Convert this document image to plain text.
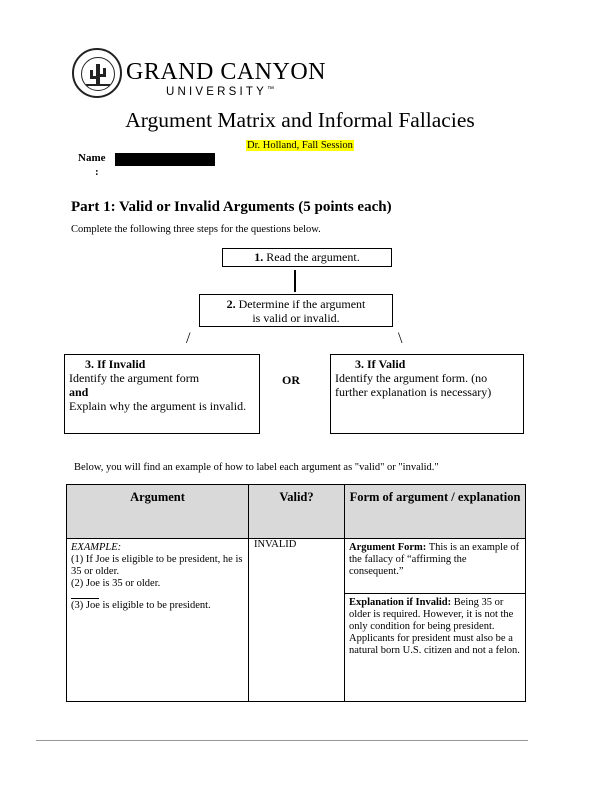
GRAND CANYON
UNIVERSITY™
Argument Matrix and Informal Fallacies
Dr. Holland, Fall Session
Name
:
Part 1: Valid or Invalid Arguments (5 points each)
Complete the following three steps for the questions below.
1. Read the argument.
2. Determine if the argument
is valid or invalid.
/	\
3. If Invalid
Identify the argument form
and
Explain why the argument is invalid.
OR
3. If Valid
Identify the argument form. (no further explanation is necessary)
Below, you will find an example of how to label each argument as "valid" or "invalid."
Argument	Valid?	Form of argument / explanation

EXAMPLE:
(1) If Joe is eligible to be president, he is 35 or older.
(2) Joe is 35 or older.
(3) Joe is eligible to be president.	INVALID	Argument Form: This is an example of the fallacy of “affirming the consequent.”
		Explanation if Invalid: Being 35 or older is required. However, it is not the only condition for being president. Applicants for president must also be a natural born U.S. citizen and not a felon.
